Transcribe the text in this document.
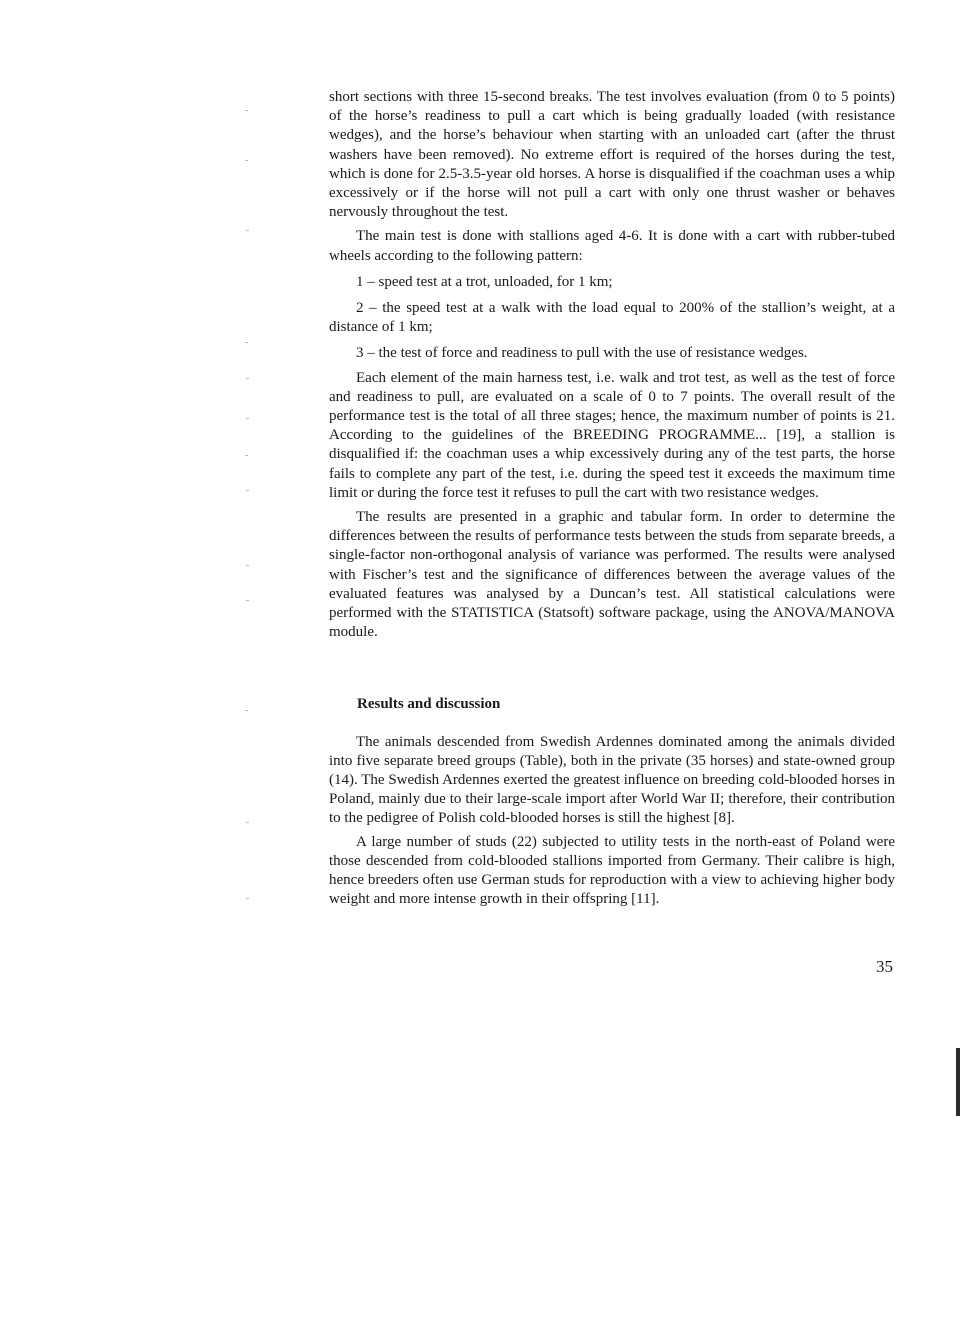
short sections with three 15-second breaks. The test involves evaluation (from 0 to 5 points) of the horse’s readiness to pull a cart which is being gradually loaded (with resistance wedges), and the horse’s behaviour when starting with an unloaded cart (after the thrust washers have been removed). No extreme effort is required of the horses during the test, which is done for 2.5-3.5-year old horses. A horse is disqualified if the coachman uses a whip excessively or if the horse will not pull a cart with only one thrust washer or behaves nervously throughout the test.

The main test is done with stallions aged 4-6. It is done with a cart with rubber-tubed wheels according to the following pattern:

1 – speed test at a trot, unloaded, for 1 km;

2 – the speed test at a walk with the load equal to 200% of the stallion’s weight, at a distance of 1 km;

3 – the test of force and readiness to pull with the use of resistance wedges.

Each element of the main harness test, i.e. walk and trot test, as well as the test of force and readiness to pull, are evaluated on a scale of 0 to 7 points. The overall result of the performance test is the total of all three stages; hence, the maximum number of points is 21. According to the guidelines of the BREEDING PROGRAMME... [19], a stallion is disqualified if: the coachman uses a whip excessively during any of the test parts, the horse fails to complete any part of the test, i.e. during the speed test it exceeds the maximum time limit or during the force test it refuses to pull the cart with two resistance wedges.

The results are presented in a graphic and tabular form. In order to determine the differences between the results of performance tests between the studs from separate breeds, a single-factor non-orthogonal analysis of variance was performed. The results were analysed with Fischer’s test and the significance of differences between the average values of the evaluated features was analysed by a Duncan’s test. All statistical calculations were performed with the STATISTICA (Statsoft) software package, using the ANOVA/MANOVA module.

Results and discussion

The animals descended from Swedish Ardennes dominated among the animals divided into five separate breed groups (Table), both in the private (35 horses) and state-owned group (14). The Swedish Ardennes exerted the greatest influence on breeding cold-blooded horses in Poland, mainly due to their large-scale import after World War II; therefore, their contribution to the pedigree of Polish cold-blooded horses is still the highest [8].

A large number of studs (22) subjected to utility tests in the north-east of Poland were those descended from cold-blooded stallions imported from Germany. Their calibre is high, hence breeders often use German studs for reproduction with a view to achieving higher body weight and more intense growth in their offspring [11].

35
